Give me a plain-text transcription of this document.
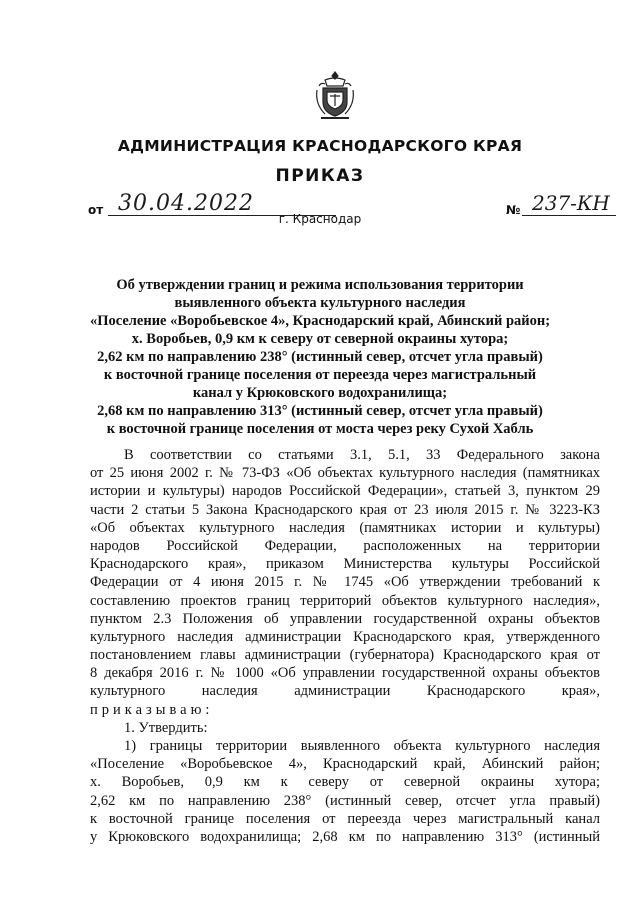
АДМИНИСТРАЦИЯ КРАСНОДАРСКОГО КРАЯ
ПРИКАЗ
от 30.04.2022	№ 237-КН
г. Краснодар
Об утверждении границ и режима использования территории
выявленного объекта культурного наследия
«Поселение «Воробьевское 4», Краснодарский край, Абинский район;
х. Воробьев, 0,9 км к северу от северной окраины хутора;
2,62 км по направлению 238° (истинный север, отсчет угла правый)
к восточной границе поселения от переезда через магистральный
канал у Крюковского водохранилища;
2,68 км по направлению 313° (истинный север, отсчет угла правый)
к восточной границе поселения от моста через реку Сухой Хабль
В соответствии со статьями 3.1, 5.1, 33 Федерального закона
от 25 июня 2002 г. № 73-ФЗ «Об объектах культурного наследия (памятниках
истории и культуры) народов Российской Федерации», статьей 3, пунктом 29
части 2 статьи 5 Закона Краснодарского края от 23 июля 2015 г. № 3223-КЗ
«Об объектах культурного наследия (памятниках истории и культуры)
народов Российской Федерации, расположенных на территории
Краснодарского края», приказом Министерства культуры Российской
Федерации от 4 июня 2015 г. № 1745 «Об утверждении требований к
составлению проектов границ территорий объектов культурного наследия»,
пунктом 2.3 Положения об управлении государственной охраны объектов
культурного наследия администрации Краснодарского края, утвержденного
постановлением главы администрации (губернатора) Краснодарского края от
8 декабря 2016 г. № 1000 «Об управлении государственной охраны объектов
культурного наследия администрации Краснодарского края»,
приказываю:
1. Утвердить:
1) границы территории выявленного объекта культурного наследия
«Поселение «Воробьевское 4», Краснодарский край, Абинский район;
х. Воробьев, 0,9 км к северу от северной окраины хутора;
2,62 км по направлению 238° (истинный север, отсчет угла правый)
к восточной границе поселения от переезда через магистральный канал
у Крюковского водохранилища; 2,68 км по направлению 313° (истинный
